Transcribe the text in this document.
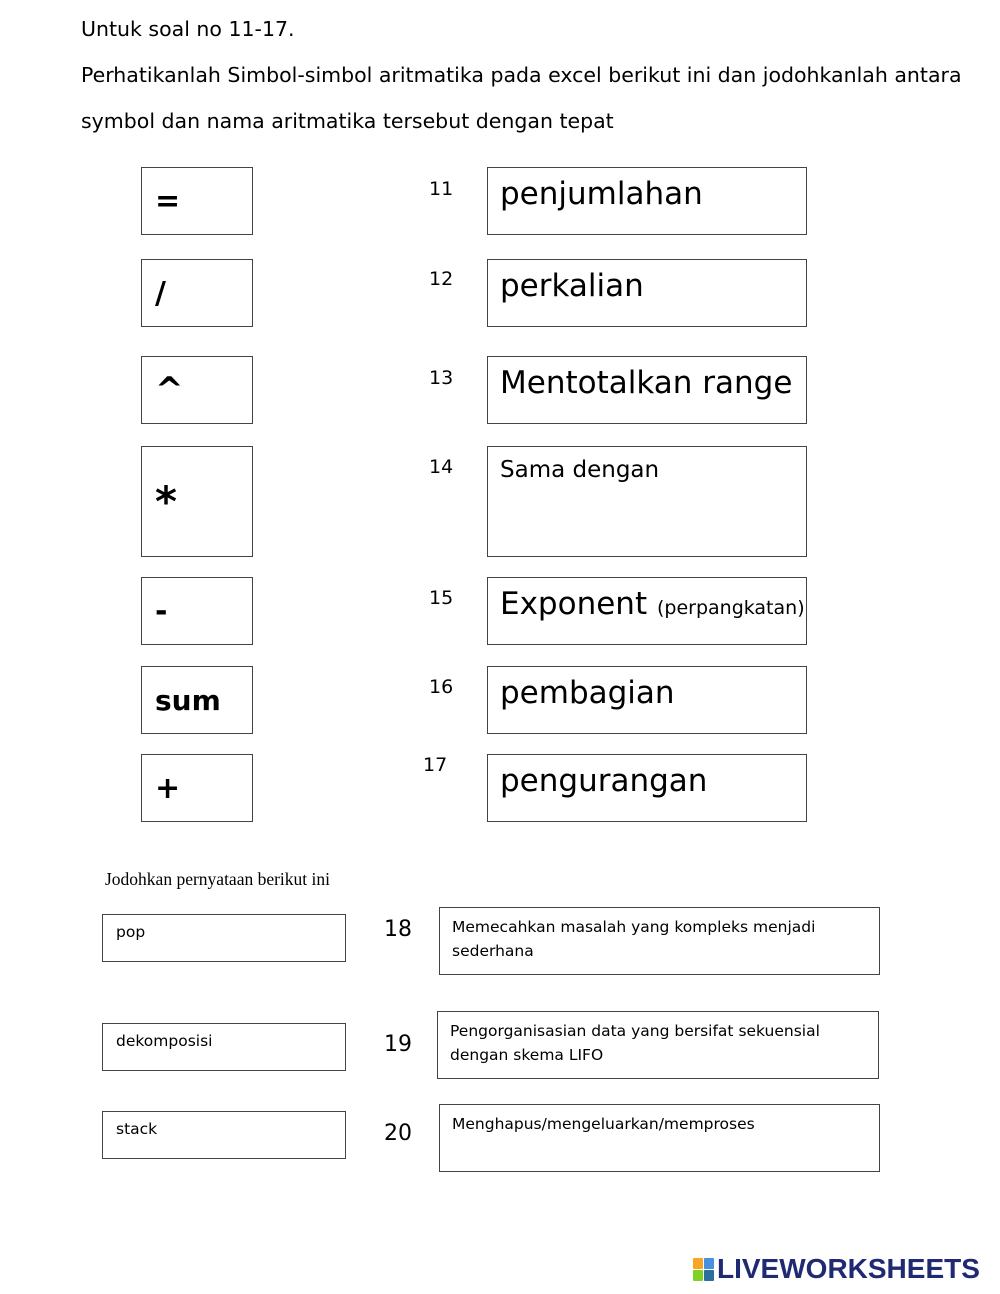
Untuk soal no 11-17.
Perhatikanlah Simbol-simbol aritmatika pada excel berikut ini dan jodohkanlah antara
symbol dan nama aritmatika tersebut dengan tepat
=
/
^
*
-
sum
+
11
12
13
14
15
16
17
penjumlahan
perkalian
Mentotalkan range
Sama dengan
Exponent (perpangkatan)
pembagian
pengurangan
Jodohkan pernyataan berikut ini
pop
dekomposisi
stack
18
19
20
Memecahkan masalah yang kompleks menjadi sederhana
Pengorganisasian data yang bersifat sekuensial dengan skema LIFO
Menghapus/mengeluarkan/memproses
LIVEWORKSHEETS
